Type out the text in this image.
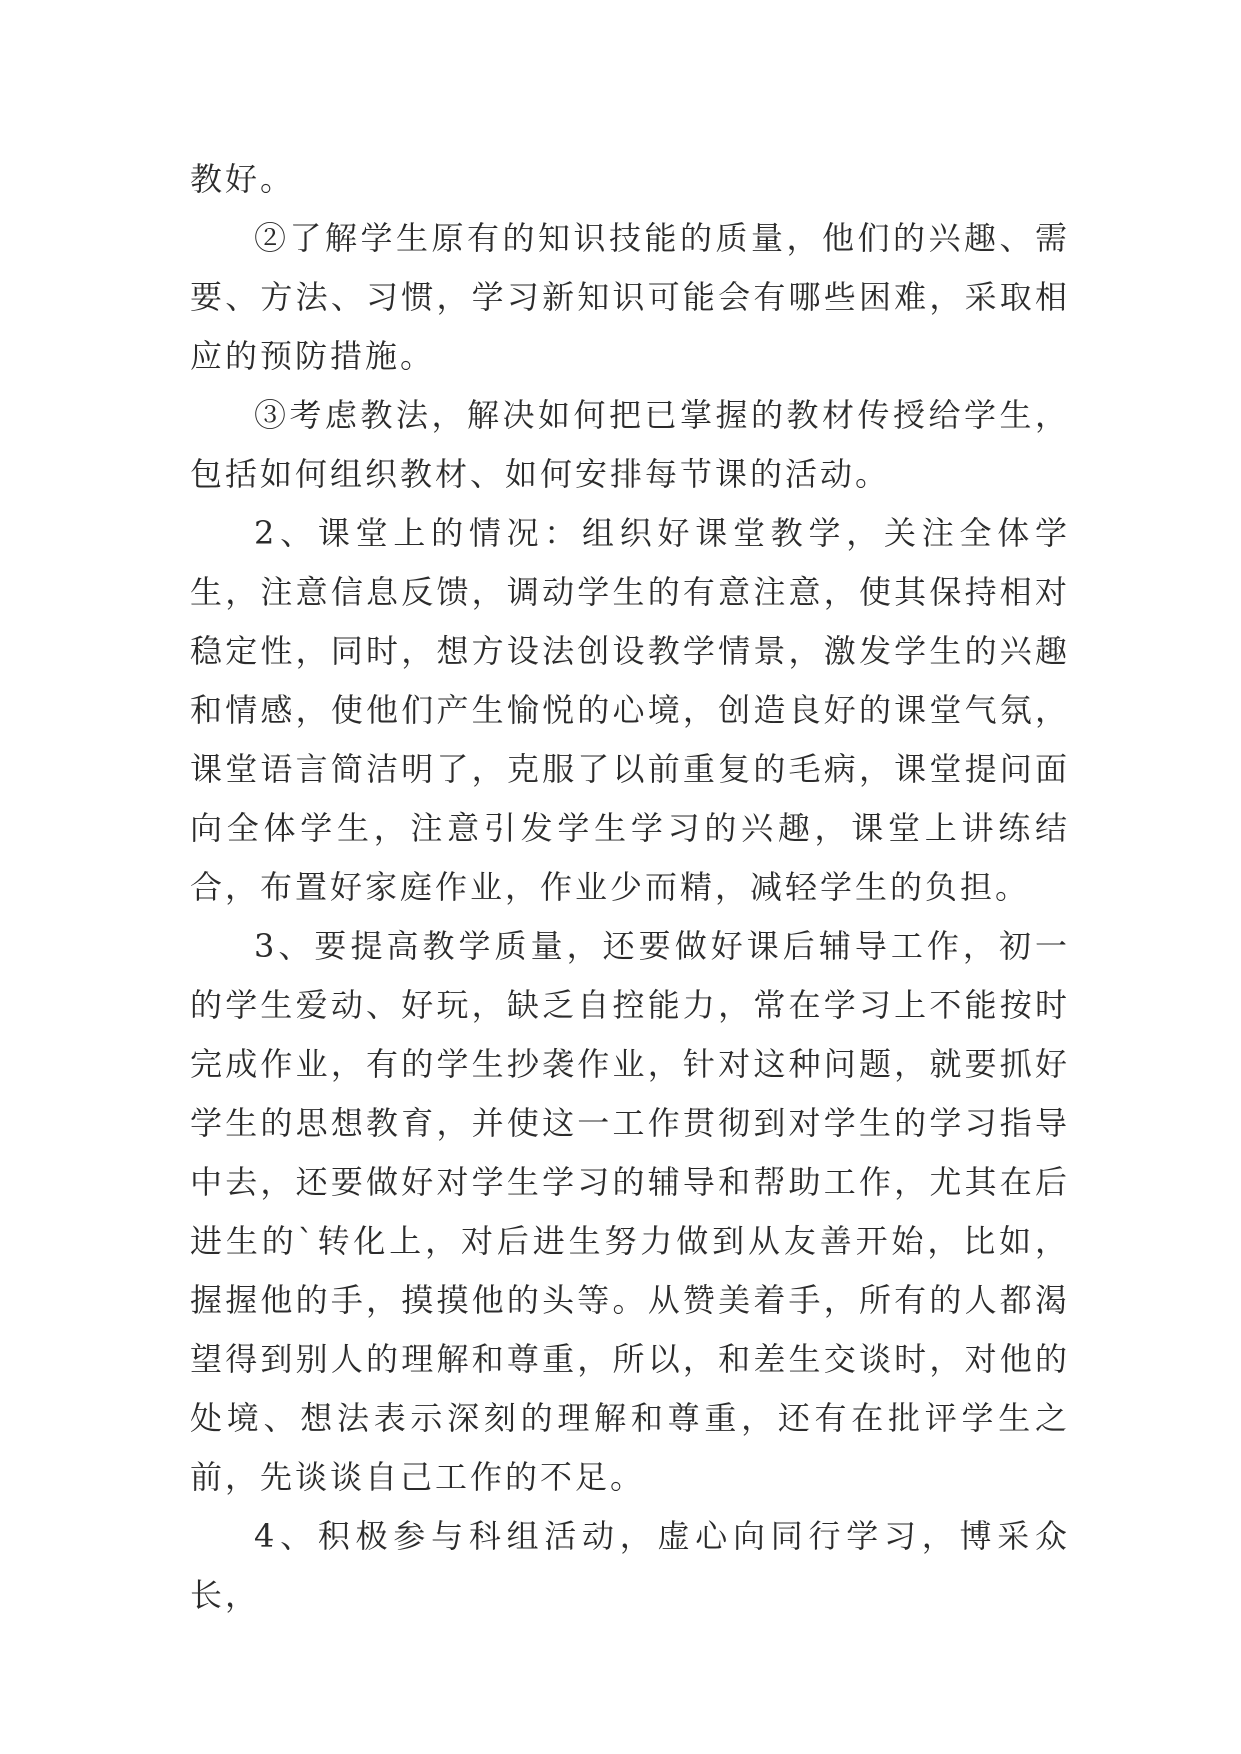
教好。

②了解学生原有的知识技能的质量，他们的兴趣、需要、方法、习惯，学习新知识可能会有哪些困难，采取相应的预防措施。

③考虑教法，解决如何把已掌握的教材传授给学生，包括如何组织教材、如何安排每节课的活动。

2、课堂上的情况：组织好课堂教学，关注全体学生，注意信息反馈，调动学生的有意注意，使其保持相对稳定性，同时，想方设法创设教学情景，激发学生的兴趣和情感，使他们产生愉悦的心境，创造良好的课堂气氛，课堂语言简洁明了，克服了以前重复的毛病，课堂提问面向全体学生，注意引发学生学习的兴趣，课堂上讲练结合，布置好家庭作业，作业少而精，减轻学生的负担。

3、要提高教学质量，还要做好课后辅导工作，初一的学生爱动、好玩，缺乏自控能力，常在学习上不能按时完成作业，有的学生抄袭作业，针对这种问题，就要抓好学生的思想教育，并使这一工作贯彻到对学生的学习指导中去，还要做好对学生学习的辅导和帮助工作，尤其在后进生的`转化上，对后进生努力做到从友善开始，比如，握握他的手，摸摸他的头等。从赞美着手，所有的人都渴望得到别人的理解和尊重，所以，和差生交谈时，对他的处境、想法表示深刻的理解和尊重，还有在批评学生之前，先谈谈自己工作的不足。

4、积极参与科组活动，虚心向同行学习，博采众长，
